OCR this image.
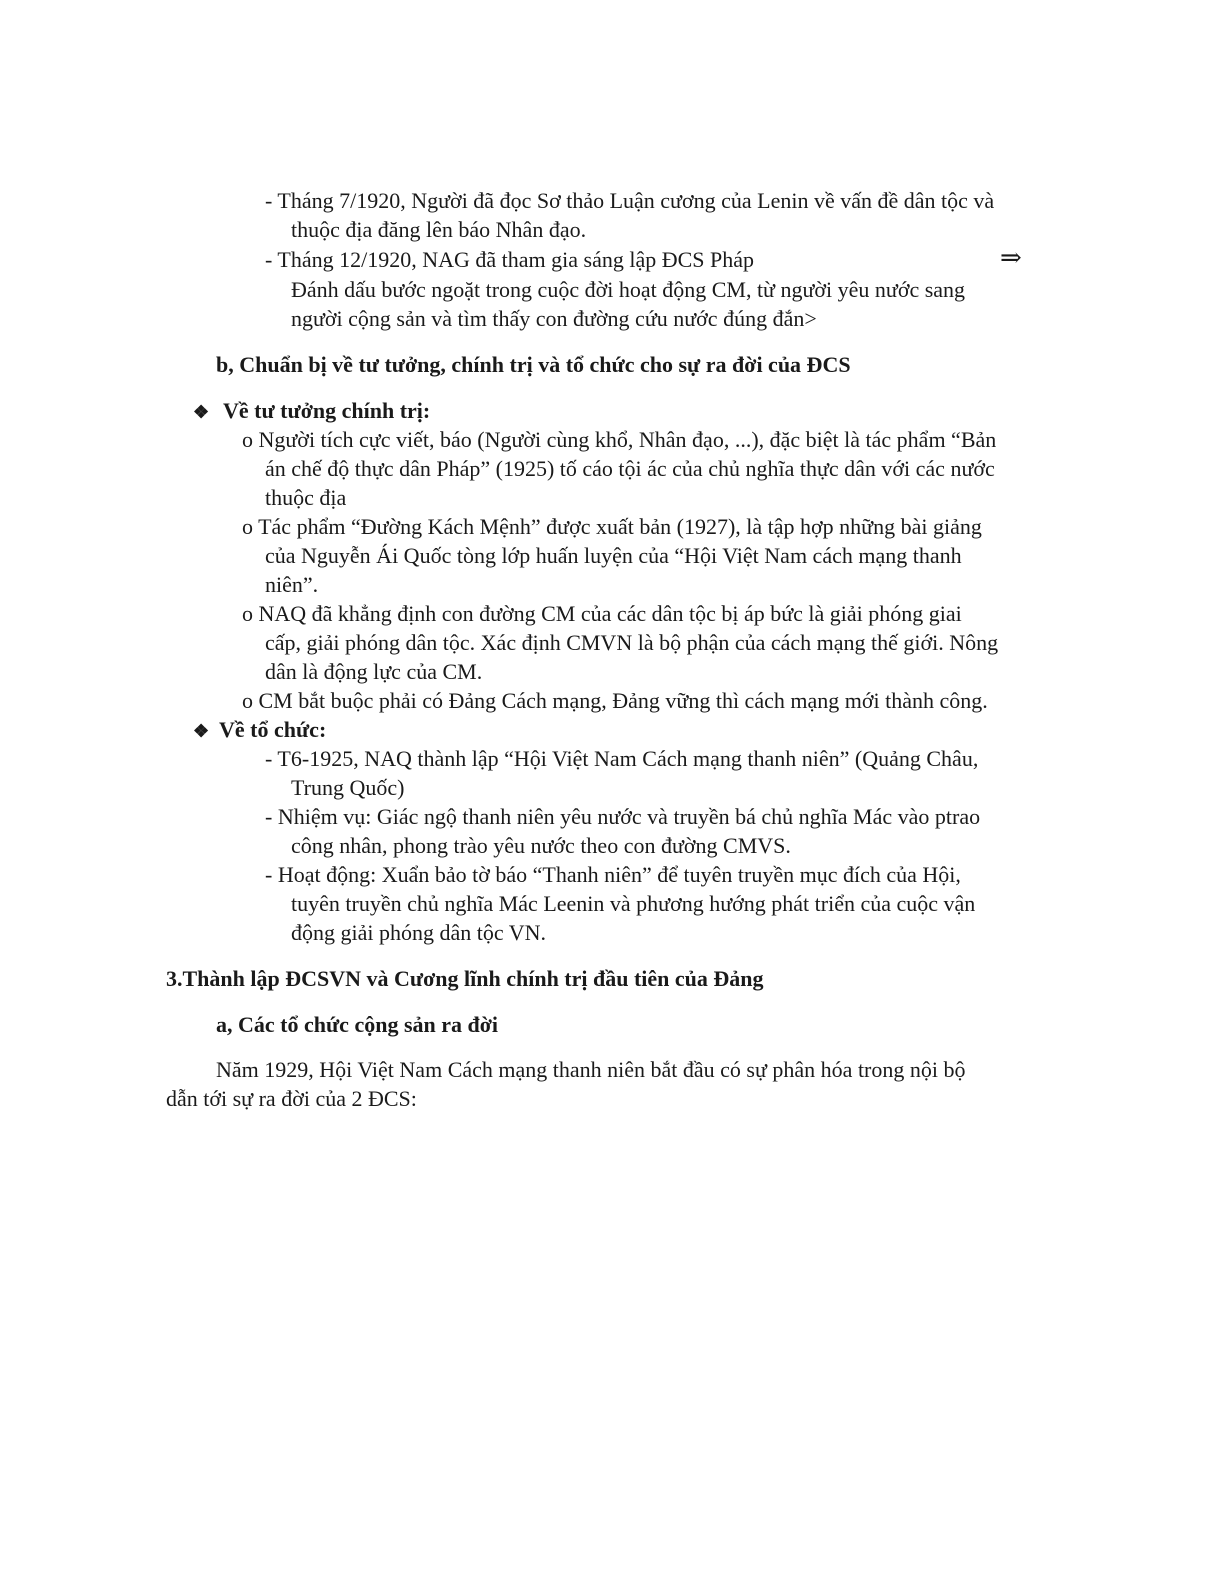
- Tháng 7/1920, Người đã đọc Sơ thảo Luận cương của Lenin về vấn đề dân tộc và
thuộc địa đăng lên báo Nhân đạo.
- Tháng 12/1920, NAG đã tham gia sáng lập ĐCS Pháp	⇒
Đánh dấu bước ngoặt trong cuộc đời hoạt động CM, từ người yêu nước sang
người cộng sản và tìm thấy con đường cứu nước đúng đắn>
b, Chuẩn bị về tư tưởng, chính trị và tổ chức cho sự ra đời của ĐCS
❖ Về tư tưởng chính trị:
o Người tích cực viết, báo (Người cùng khổ, Nhân đạo, ...), đặc biệt là tác phẩm “Bản
án chế độ thực dân Pháp” (1925) tố cáo tội ác của chủ nghĩa thực dân với các nước
thuộc địa
o Tác phẩm “Đường Kách Mệnh” được xuất bản (1927), là tập hợp những bài giảng
của Nguyễn Ái Quốc tòng lớp huấn luyện của “Hội Việt Nam cách mạng thanh
niên”.
o NAQ đã khẳng định con đường CM của các dân tộc bị áp bức là giải phóng giai
cấp, giải phóng dân tộc. Xác định CMVN là bộ phận của cách mạng thế giới. Nông
dân là động lực của CM.
o CM bắt buộc phải có Đảng Cách mạng, Đảng vững thì cách mạng mới thành công.
❖ Về tổ chức:
- T6-1925, NAQ thành lập “Hội Việt Nam Cách mạng thanh niên” (Quảng Châu,
Trung Quốc)
- Nhiệm vụ: Giác ngộ thanh niên yêu nước và truyền bá chủ nghĩa Mác vào ptrao
công nhân, phong trào yêu nước theo con đường CMVS.
- Hoạt động: Xuẩn bảo tờ báo “Thanh niên” để tuyên truyền mục đích của Hội,
tuyên truyền chủ nghĩa Mác Leenin và phương hướng phát triển của cuộc vận
động giải phóng dân tộc VN.
3.Thành lập ĐCSVN và Cương lĩnh chính trị đầu tiên của Đảng
a, Các tổ chức cộng sản ra đời
Năm 1929, Hội Việt Nam Cách mạng thanh niên bắt đầu có sự phân hóa trong nội bộ
dẫn tới sự ra đời của 2 ĐCS:
